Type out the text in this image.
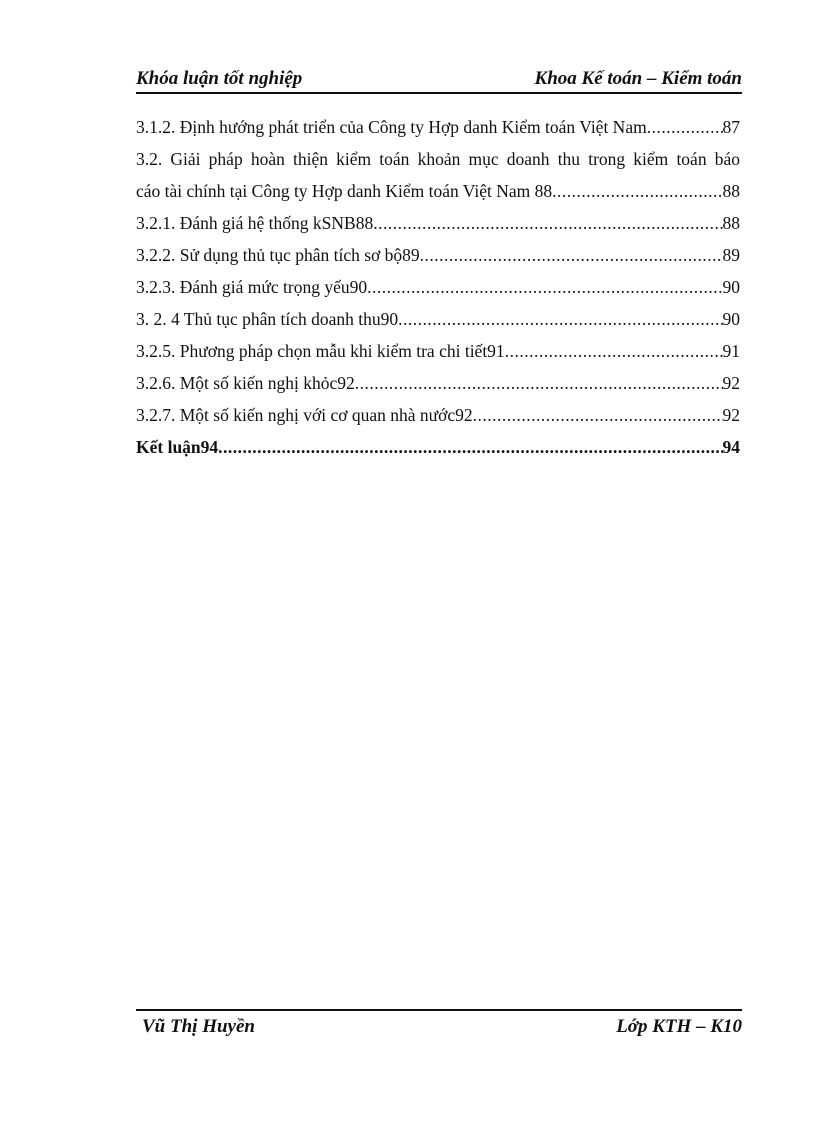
Khóa luận tốt nghiệp	Khoa Kế toán – Kiểm toán
3.1.2. Định hướng phát triển của Công ty Hợp danh Kiểm toán Việt Nam .....	87
3.2. Giải pháp hoàn thiện kiểm toán khoản mục doanh thu trong kiểm toán báo
cáo tài chính tại Công ty Hợp danh Kiểm toán Việt Nam 88 .....	88
3.2.1. Đánh giá hệ thống kSNB88 .....	88
3.2.2. Sử dụng thủ tục phân tích sơ bộ89 .....	89
3.2.3. Đánh giá mức trọng yếu90 .....	90
3. 2. 4 Thủ tục phân tích doanh thu90 .....	90
3.2.5. Phương pháp chọn mẫu khi kiểm tra chi tiết91 .....	91
3.2.6. Một số kiến nghị khỏc92 .....	92
3.2.7. Một số kiến nghị với cơ quan nhà nước92 .....	92
Kết luận94 .....	94
Vũ Thị Huyền	Lớp KTH – K10
